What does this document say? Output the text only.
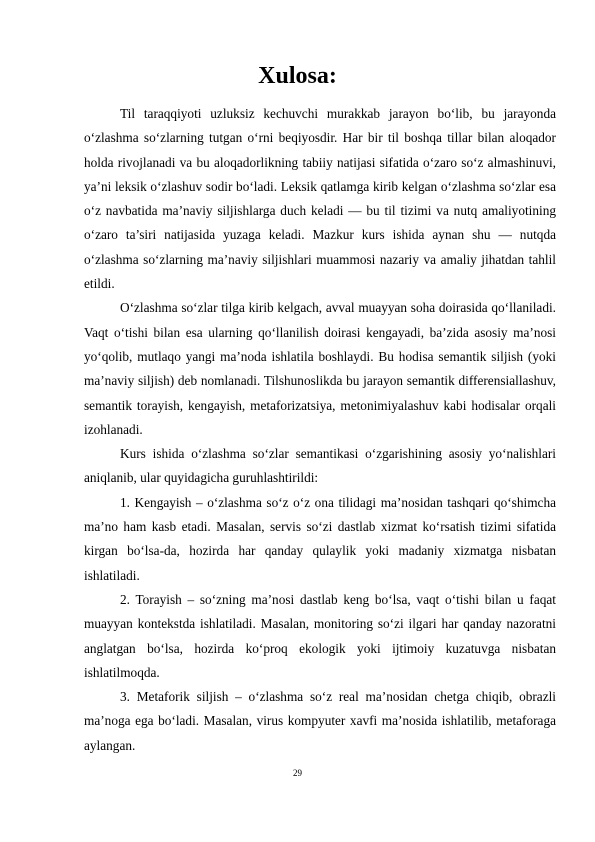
Xulosa:

Til taraqqiyoti uzluksiz kechuvchi murakkab jarayon bo‘lib, bu jarayonda o‘zlashma so‘zlarning tutgan o‘rni beqiyosdir. Har bir til boshqa tillar bilan aloqador holda rivojlanadi va bu aloqadorlikning tabiiy natijasi sifatida o‘zaro so‘z almashinuvi, ya’ni leksik o‘zlashuv sodir bo‘ladi. Leksik qatlamga kirib kelgan o‘zlashma so‘zlar esa o‘z navbatida ma’naviy siljishlarga duch keladi — bu til tizimi va nutq amaliyotining o‘zaro ta’siri natijasida yuzaga keladi. Mazkur kurs ishida aynan shu — nutqda o‘zlashma so‘zlarning ma’naviy siljishlari muammosi nazariy va amaliy jihatdan tahlil etildi.

O‘zlashma so‘zlar tilga kirib kelgach, avval muayyan soha doirasida qo‘llaniladi. Vaqt o‘tishi bilan esa ularning qo‘llanilish doirasi kengayadi, ba’zida asosiy ma’nosi yo‘qolib, mutlaqo yangi ma’noda ishlatila boshlaydi. Bu hodisa semantik siljish (yoki ma’naviy siljish) deb nomlanadi. Tilshunoslikda bu jarayon semantik differensiallashuv, semantik torayish, kengayish, metaforizatsiya, metonimiyalashuv kabi hodisalar orqali izohlanadi.

Kurs ishida o‘zlashma so‘zlar semantikasi o‘zgarishining asosiy yo‘nalishlari aniqlanib, ular quyidagicha guruhlashtirildi:

1. Kengayish – o‘zlashma so‘z o‘z ona tilidagi ma’nosidan tashqari qo‘shimcha ma’no ham kasb etadi. Masalan, servis so‘zi dastlab xizmat ko‘rsatish tizimi sifatida kirgan bo‘lsa-da, hozirda har qanday qulaylik yoki madaniy xizmatga nisbatan ishlatiladi.

2. Torayish – so‘zning ma’nosi dastlab keng bo‘lsa, vaqt o‘tishi bilan u faqat muayyan kontekstda ishlatiladi. Masalan, monitoring so‘zi ilgari har qanday nazoratni anglatgan bo‘lsa, hozirda ko‘proq ekologik yoki ijtimoiy kuzatuvga nisbatan ishlatilmoqda.

3. Metaforik siljish – o‘zlashma so‘z real ma’nosidan chetga chiqib, obrazli ma’noga ega bo‘ladi. Masalan, virus kompyuter xavfi ma’nosida ishlatilib, metaforaga aylangan.

29
